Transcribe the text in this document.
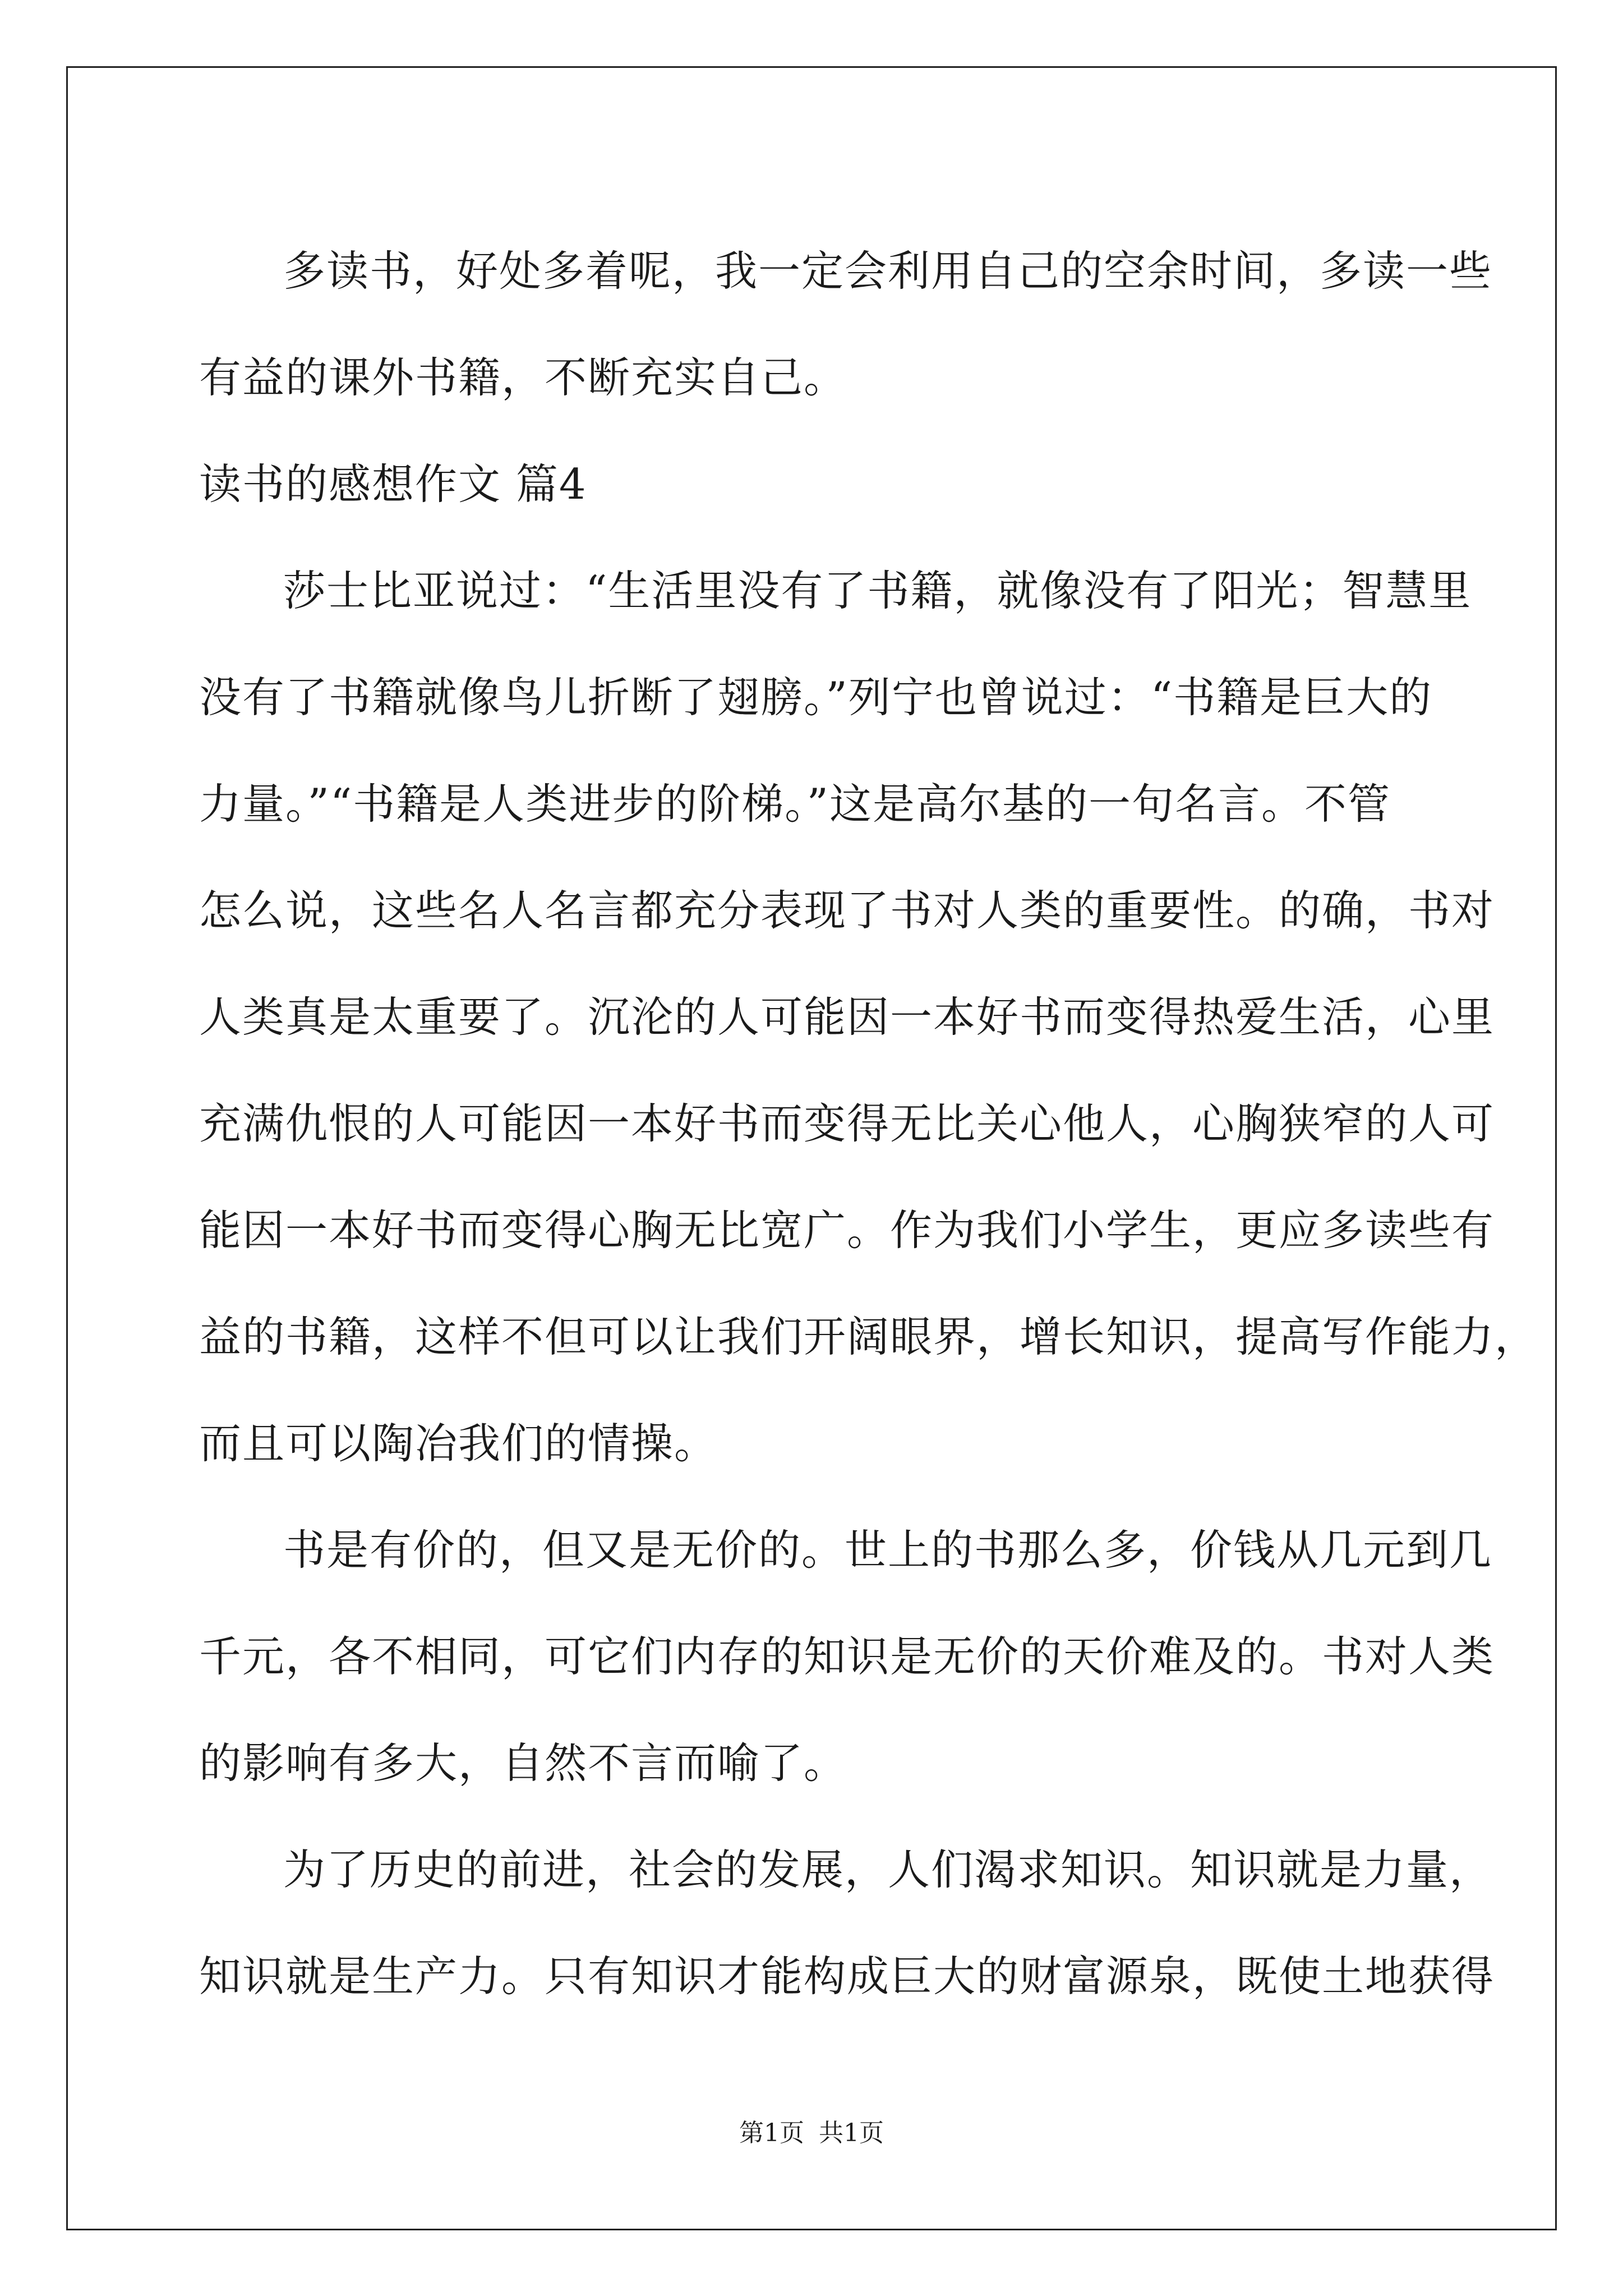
多读书，好处多着呢，我一定会利用自己的空余时间，多读一些
有益的课外书籍，不断充实自己。
读书的感想作文 篇4
莎士比亚说过：“生活里没有了书籍，就像没有了阳光；智慧里
没有了书籍就像鸟儿折断了翅膀。”列宁也曾说过：“书籍是巨大的
力量。”“书籍是人类进步的阶梯。”这是高尔基的一句名言。不管
怎么说，这些名人名言都充分表现了书对人类的重要性。的确，书对
人类真是太重要了。沉沦的人可能因一本好书而变得热爱生活，心里
充满仇恨的人可能因一本好书而变得无比关心他人，心胸狭窄的人可
能因一本好书而变得心胸无比宽广。作为我们小学生，更应多读些有
益的书籍，这样不但可以让我们开阔眼界，增长知识，提高写作能力，
而且可以陶冶我们的情操。
书是有价的，但又是无价的。世上的书那么多，价钱从几元到几
千元，各不相同，可它们内存的知识是无价的天价难及的。书对人类
的影响有多大，自然不言而喻了。
为了历史的前进，社会的发展，人们渴求知识。知识就是力量，
知识就是生产力。只有知识才能构成巨大的财富源泉，既使土地获得
第1页 共1页
